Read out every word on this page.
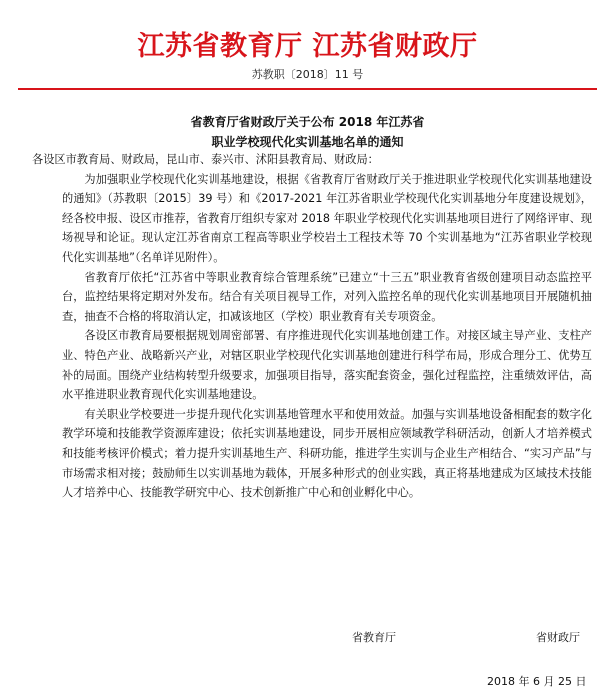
江苏省教育厅 江苏省财政厅
苏教职〔2018〕11 号
省教育厅省财政厅关于公布 2018 年江苏省
职业学校现代化实训基地名单的通知

各设区市教育局、财政局，昆山市、泰兴市、沭阳县教育局、财政局：

为加强职业学校现代化实训基地建设，根据《省教育厅省财政厅关于推进职业学校现代化实训基地建设的通知》（苏教职〔2015〕39 号）和《2017-2021 年江苏省职业学校现代化实训基地分年度建设规划》，经各校申报、设区市推荐，省教育厅组织专家对 2018 年职业学校现代化实训基地项目进行了网络评审、现场视导和论证。现认定江苏省南京工程高等职业学校岩土工程技术等 70 个实训基地为“江苏省职业学校现代化实训基地”（名单详见附件）。

省教育厅依托“江苏省中等职业教育综合管理系统”已建立“十三五”职业教育省级创建项目动态监控平台，监控结果将定期对外发布。结合有关项目视导工作，对列入监控名单的现代化实训基地项目开展随机抽查，抽查不合格的将取消认定，扣减该地区（学校）职业教育有关专项资金。

各设区市教育局要根据规划周密部署、有序推进现代化实训基地创建工作。对接区域主导产业、支柱产业、特色产业、战略新兴产业，对辖区职业学校现代化实训基地创建进行科学布局，形成合理分工、优势互补的局面。围绕产业结构转型升级要求，加强项目指导，落实配套资金，强化过程监控，注重绩效评估，高水平推进职业教育现代化实训基地建设。

有关职业学校要进一步提升现代化实训基地管理水平和使用效益。加强与实训基地设备相配套的数字化教学环境和技能教学资源库建设；依托实训基地建设，同步开展相应领域教学科研活动，创新人才培养模式和技能考核评价模式；着力提升实训基地生产、科研功能，推进学生实训与企业生产相结合、“实习产品”与市场需求相对接；鼓励师生以实训基地为载体，开展多种形式的创业实践，真正将基地建成为区域技术技能人才培养中心、技能教学研究中心、技术创新推广中心和创业孵化中心。

省教育厅	省财政厅
2018 年 6 月 25 日
